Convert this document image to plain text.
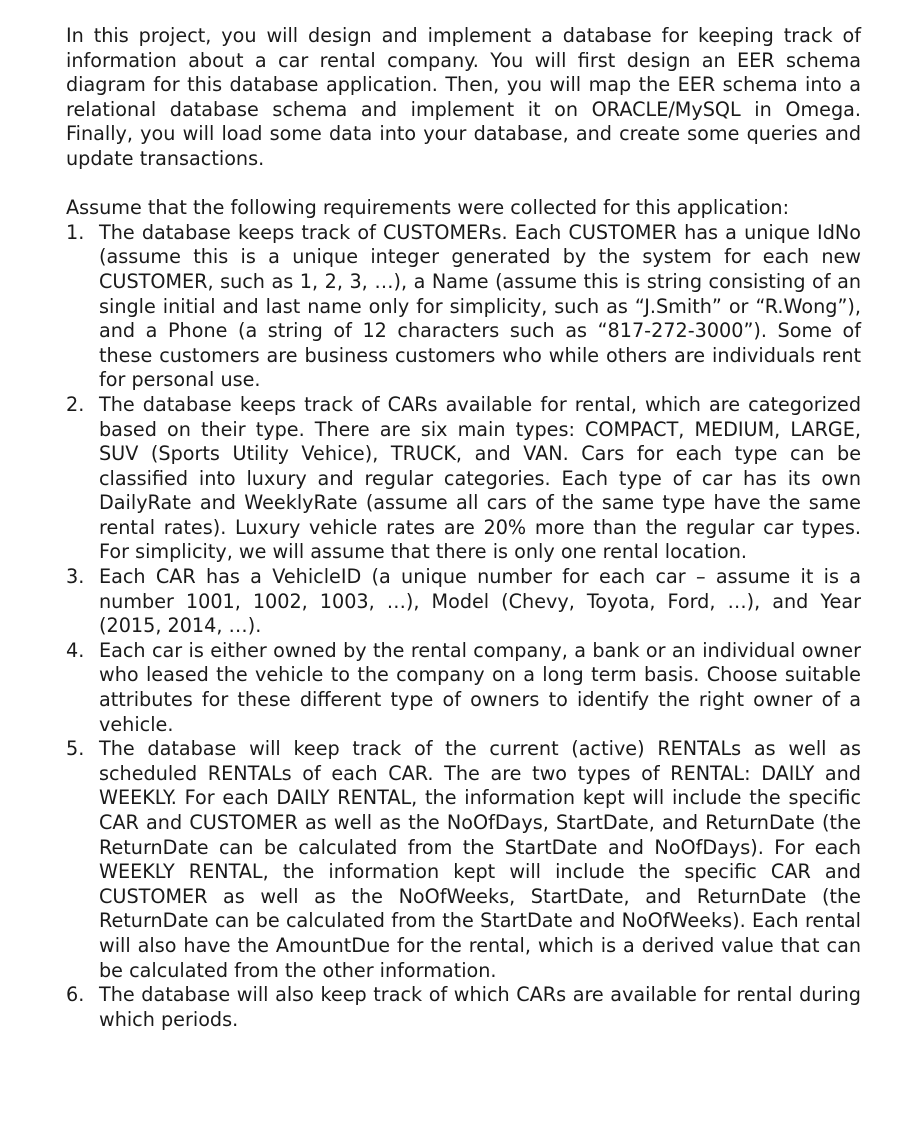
In this project, you will design and implement a database for keeping track of information about a car rental company. You will first design an EER schema diagram for this database application. Then, you will map the EER schema into a relational database schema and implement it on ORACLE/MySQL in Omega. Finally, you will load some data into your database, and create some queries and update transactions.

Assume that the following requirements were collected for this application:

1. The database keeps track of CUSTOMERs. Each CUSTOMER has a unique IdNo (assume this is a unique integer generated by the system for each new CUSTOMER, such as 1, 2, 3, …), a Name (assume this is string consisting of an single initial and last name only for simplicity, such as “J.Smith” or “R.Wong”), and a Phone (a string of 12 characters such as “817-272-3000”). Some of these customers are business customers who while others are individuals rent for personal use.
2. The database keeps track of CARs available for rental, which are categorized based on their type. There are six main types: COMPACT, MEDIUM, LARGE, SUV (Sports Utility Vehice), TRUCK, and VAN. Cars for each type can be classified into luxury and regular categories. Each type of car has its own DailyRate and WeeklyRate (assume all cars of the same type have the same rental rates). Luxury vehicle rates are 20% more than the regular car types. For simplicity, we will assume that there is only one rental location.
3. Each CAR has a VehicleID (a unique number for each car – assume it is a number 1001, 1002, 1003, …), Model (Chevy, Toyota, Ford, …), and Year (2015, 2014, …).
4. Each car is either owned by the rental company, a bank or an individual owner who leased the vehicle to the company on a long term basis. Choose suitable attributes for these different type of owners to identify the right owner of a vehicle.
5. The database will keep track of the current (active) RENTALs as well as scheduled RENTALs of each CAR. The are two types of RENTAL: DAILY and WEEKLY. For each DAILY RENTAL, the information kept will include the specific CAR and CUSTOMER as well as the NoOfDays, StartDate, and ReturnDate (the ReturnDate can be calculated from the StartDate and NoOfDays). For each WEEKLY RENTAL, the information kept will include the specific CAR and CUSTOMER as well as the NoOfWeeks, StartDate, and ReturnDate (the ReturnDate can be calculated from the StartDate and NoOfWeeks). Each rental will also have the AmountDue for the rental, which is a derived value that can be calculated from the other information.
6. The database will also keep track of which CARs are available for rental during which periods.
